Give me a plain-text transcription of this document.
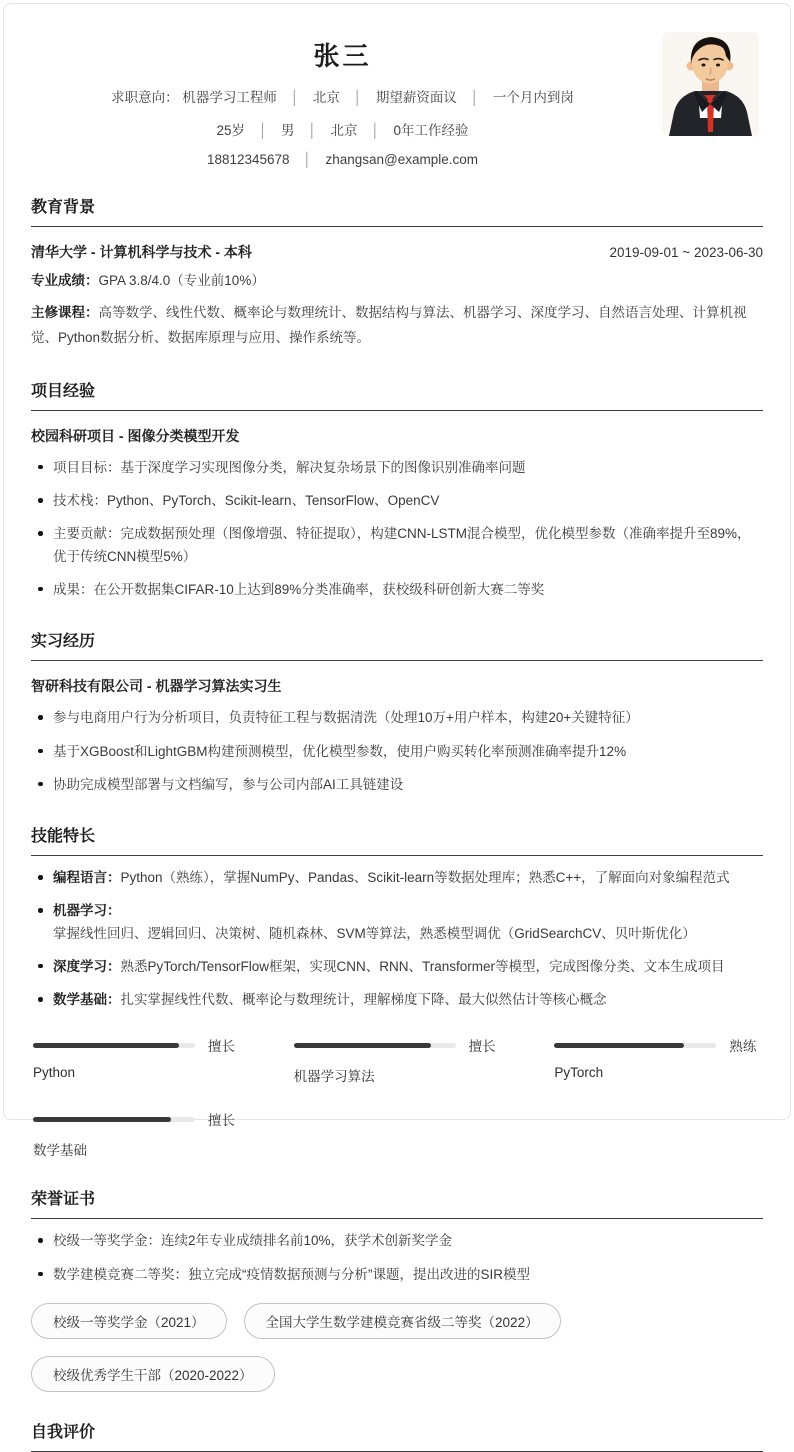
张三
求职意向： 机器学习工程师 │ 北京 │ 期望薪资面议 │ 一个月内到岗
25岁 │ 男 │ 北京 │ 0年工作经验
18812345678 │ zhangsan@example.com
教育背景
清华大学 - 计算机科学与技术 - 本科	2019-09-01 ~ 2023-06-30
专业成绩：GPA 3.8/4.0（专业前10%）
主修课程：高等数学、线性代数、概率论与数理统计、数据结构与算法、机器学习、深度学习、自然语言处理、计算机视觉、Python数据分析、数据库原理与应用、操作系统等。
项目经验
校园科研项目 - 图像分类模型开发
项目目标：基于深度学习实现图像分类，解决复杂场景下的图像识别准确率问题
技术栈：Python、PyTorch、Scikit-learn、TensorFlow、OpenCV
主要贡献：完成数据预处理（图像增强、特征提取），构建CNN-LSTM混合模型，优化模型参数（准确率提升至89%，优于传统CNN模型5%）
成果：在公开数据集CIFAR-10上达到89%分类准确率，获校级科研创新大赛二等奖
实习经历
智研科技有限公司 - 机器学习算法实习生
参与电商用户行为分析项目，负责特征工程与数据清洗（处理10万+用户样本，构建20+关键特征）
基于XGBoost和LightGBM构建预测模型，优化模型参数，使用户购买转化率预测准确率提升12%
协助完成模型部署与文档编写，参与公司内部AI工具链建设
技能特长
编程语言：Python（熟练），掌握NumPy、Pandas、Scikit-learn等数据处理库；熟悉C++，了解面向对象编程范式
机器学习：掌握线性回归、逻辑回归、决策树、随机森林、SVM等算法，熟悉模型调优（GridSearchCV、贝叶斯优化）
深度学习：熟悉PyTorch/TensorFlow框架，实现CNN、RNN、Transformer等模型，完成图像分类、文本生成项目
数学基础：扎实掌握线性代数、概率论与数理统计，理解梯度下降、最大似然估计等核心概念
擅长
Python
擅长
机器学习算法
熟练
PyTorch
擅长
数学基础
荣誉证书
校级一等奖学金：连续2年专业成绩排名前10%，获学术创新奖学金
数学建模竞赛二等奖：独立完成“疫情数据预测与分析”课题，提出改进的SIR模型
校级一等奖学金（2021）	全国大学生数学建模竞赛省级二等奖（2022）
校级优秀学生干部（2020-2022）
自我评价
